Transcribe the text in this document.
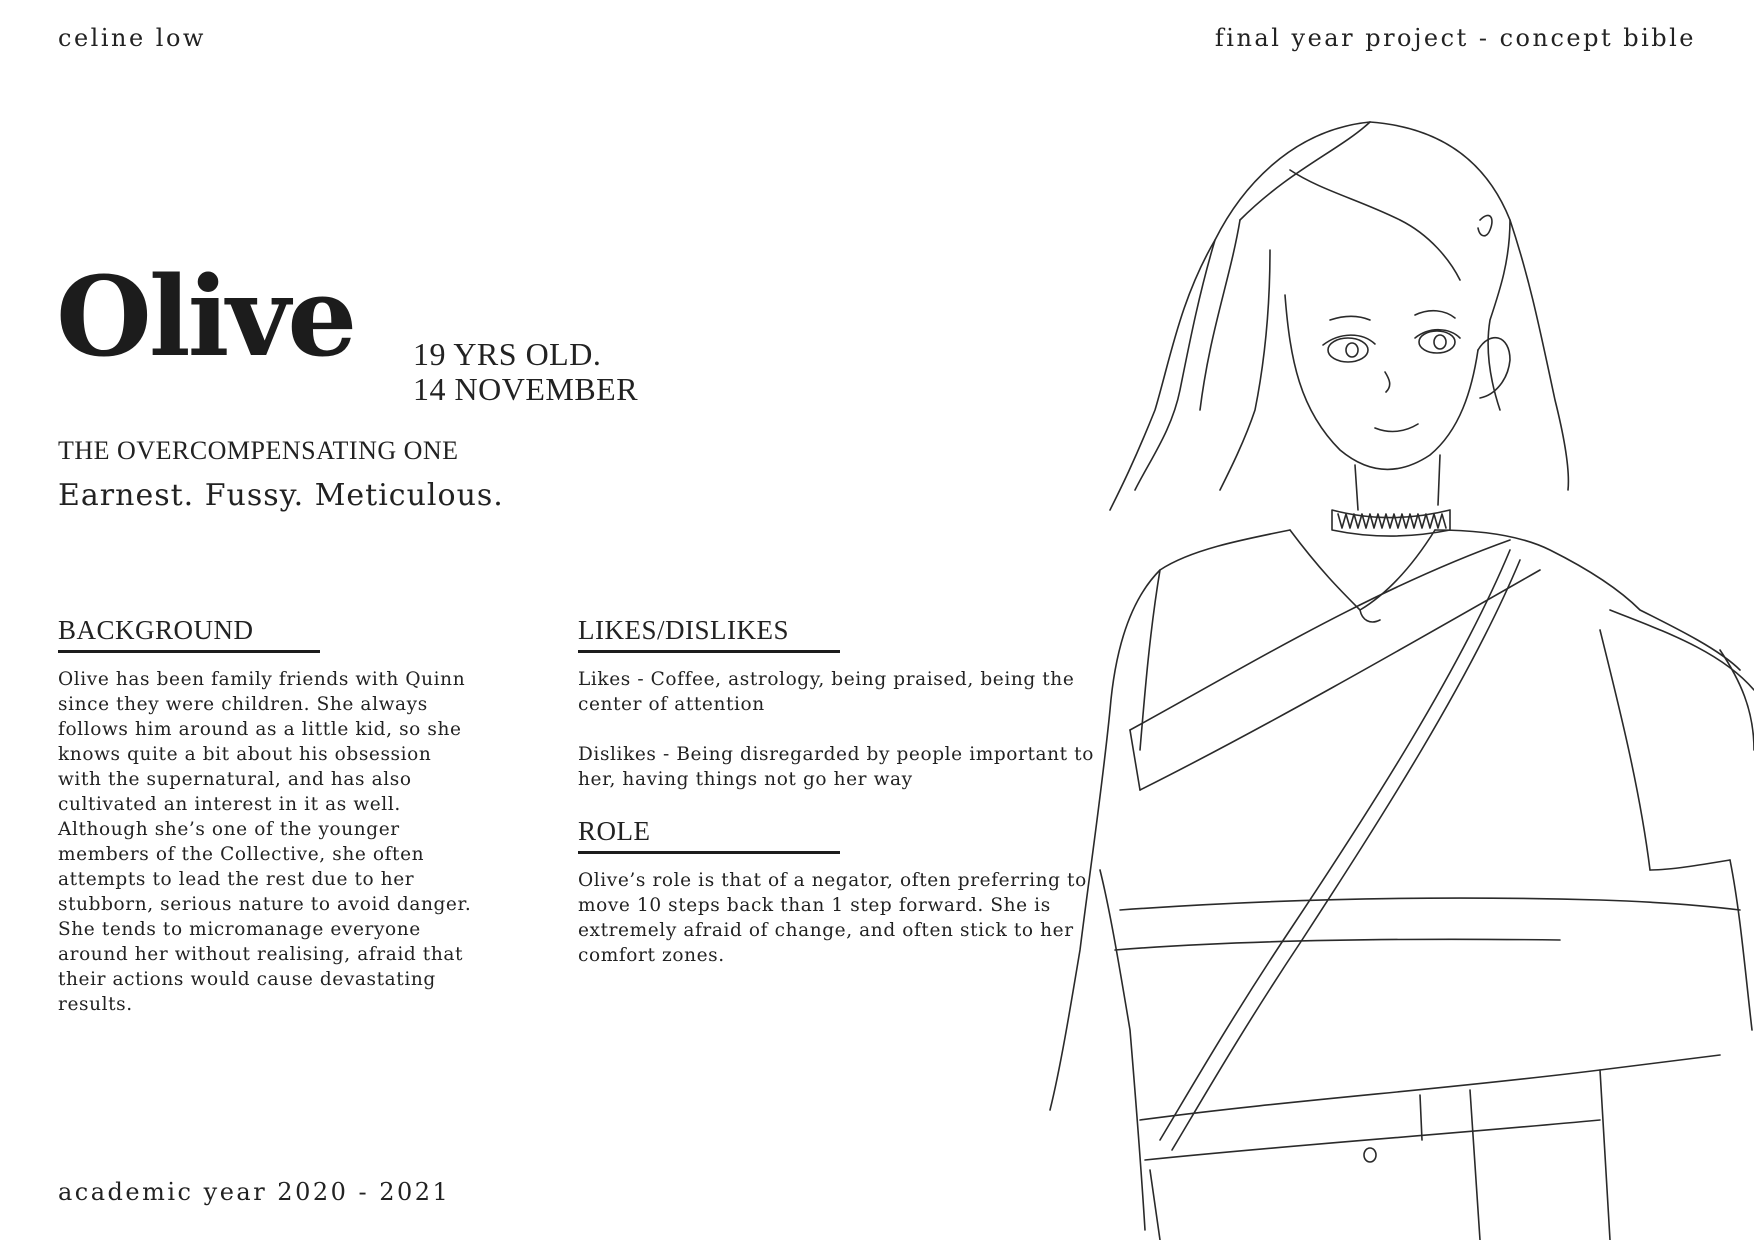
celine low	final year project - concept bible
Olive 19 YRS OLD.
14 NOVEMBER
THE OVERCOMPENSATING ONE
Earnest. Fussy. Meticulous.
BACKGROUND
Olive has been family friends with Quinn since they were children. She always follows him around as a little kid, so she knows quite a bit about his obsession with the supernatural, and has also cultivated an interest in it as well. Although she’s one of the younger members of the Collective, she often attempts to lead the rest due to her stubborn, serious nature to avoid danger. She tends to micromanage everyone around her without realising, afraid that their actions would cause devastating results.
LIKES/DISLIKES
Likes - Coffee, astrology, being praised, being the center of attention
Dislikes - Being disregarded by people important to her, having things not go her way
ROLE
Olive’s role is that of a negator, often preferring to move 10 steps back than 1 step forward. She is extremely afraid of change, and often stick to her comfort zones.
academic year 2020 - 2021
